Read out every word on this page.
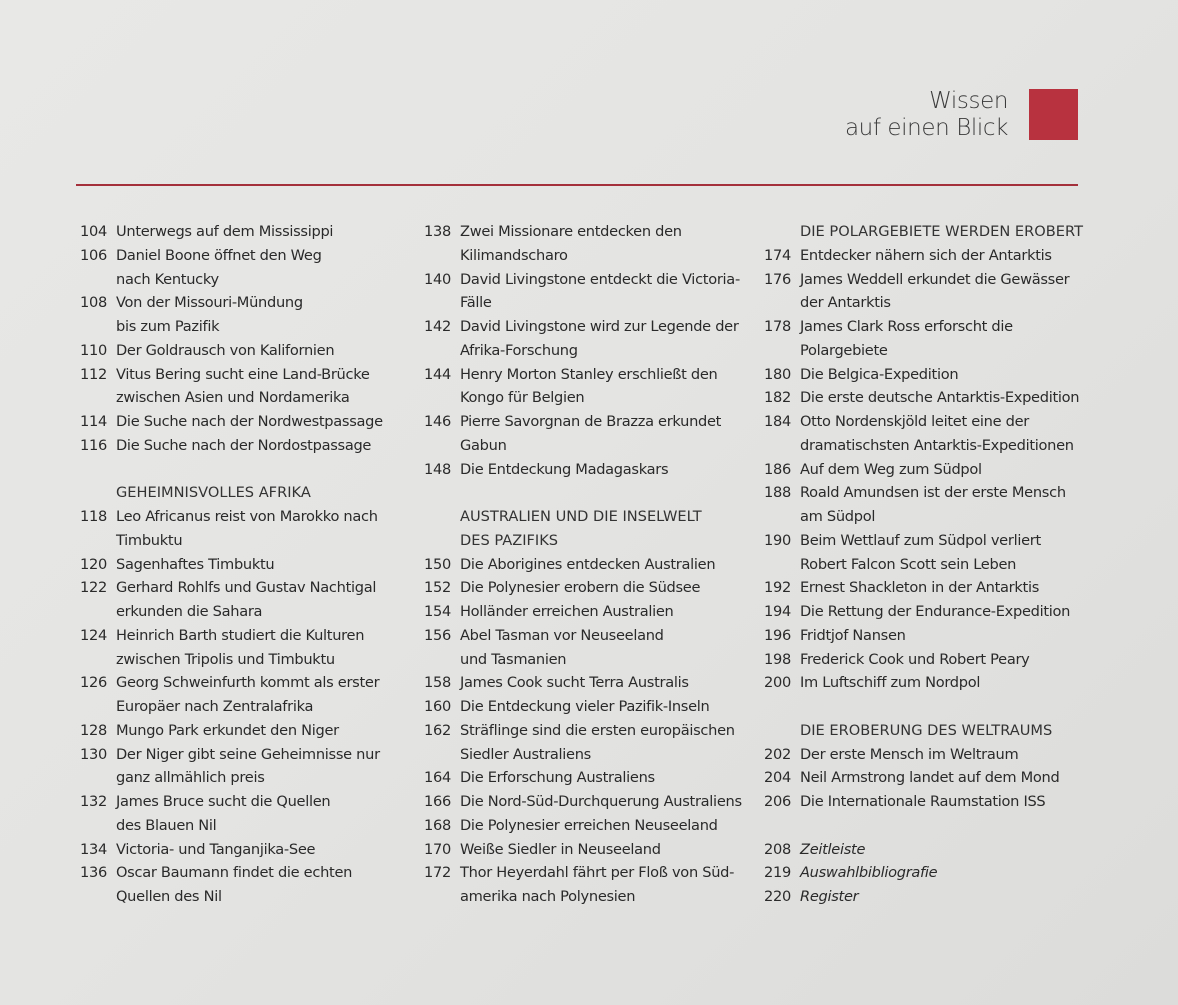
Wissen
auf einen Blick
104 Unterwegs auf dem Mississippi
106 Daniel Boone öffnet den Weg
nach Kentucky
108 Von der Missouri-Mündung
bis zum Pazifik
110 Der Goldrausch von Kalifornien
112 Vitus Bering sucht eine Land-Brücke
zwischen Asien und Nordamerika
114 Die Suche nach der Nordwestpassage
116 Die Suche nach der Nordostpassage
GEHEIMNISVOLLES AFRIKA
118 Leo Africanus reist von Marokko nach
Timbuktu
120 Sagenhaftes Timbuktu
122 Gerhard Rohlfs und Gustav Nachtigal
erkunden die Sahara
124 Heinrich Barth studiert die Kulturen
zwischen Tripolis und Timbuktu
126 Georg Schweinfurth kommt als erster
Europäer nach Zentralafrika
128 Mungo Park erkundet den Niger
130 Der Niger gibt seine Geheimnisse nur
ganz allmählich preis
132 James Bruce sucht die Quellen
des Blauen Nil
134 Victoria- und Tanganjika-See
136 Oscar Baumann findet die echten
Quellen des Nil
138 Zwei Missionare entdecken den
Kilimandscharo
140 David Livingstone entdeckt die Victoria-
Fälle
142 David Livingstone wird zur Legende der
Afrika-Forschung
144 Henry Morton Stanley erschließt den
Kongo für Belgien
146 Pierre Savorgnan de Brazza erkundet
Gabun
148 Die Entdeckung Madagaskars
AUSTRALIEN UND DIE INSELWELT
DES PAZIFIKS
150 Die Aborigines entdecken Australien
152 Die Polynesier erobern die Südsee
154 Holländer erreichen Australien
156 Abel Tasman vor Neuseeland
und Tasmanien
158 James Cook sucht Terra Australis
160 Die Entdeckung vieler Pazifik-Inseln
162 Sträflinge sind die ersten europäischen
Siedler Australiens
164 Die Erforschung Australiens
166 Die Nord-Süd-Durchquerung Australiens
168 Die Polynesier erreichen Neuseeland
170 Weiße Siedler in Neuseeland
172 Thor Heyerdahl fährt per Floß von Süd-
amerika nach Polynesien
DIE POLARGEBIETE WERDEN EROBERT
174 Entdecker nähern sich der Antarktis
176 James Weddell erkundet die Gewässer
der Antarktis
178 James Clark Ross erforscht die
Polargebiete
180 Die Belgica-Expedition
182 Die erste deutsche Antarktis-Expedition
184 Otto Nordenskjöld leitet eine der
dramatischsten Antarktis-Expeditionen
186 Auf dem Weg zum Südpol
188 Roald Amundsen ist der erste Mensch
am Südpol
190 Beim Wettlauf zum Südpol verliert
Robert Falcon Scott sein Leben
192 Ernest Shackleton in der Antarktis
194 Die Rettung der Endurance-Expedition
196 Fridtjof Nansen
198 Frederick Cook und Robert Peary
200 Im Luftschiff zum Nordpol
DIE EROBERUNG DES WELTRAUMS
202 Der erste Mensch im Weltraum
204 Neil Armstrong landet auf dem Mond
206 Die Internationale Raumstation ISS
208 Zeitleiste
219 Auswahlbibliografie
220 Register
